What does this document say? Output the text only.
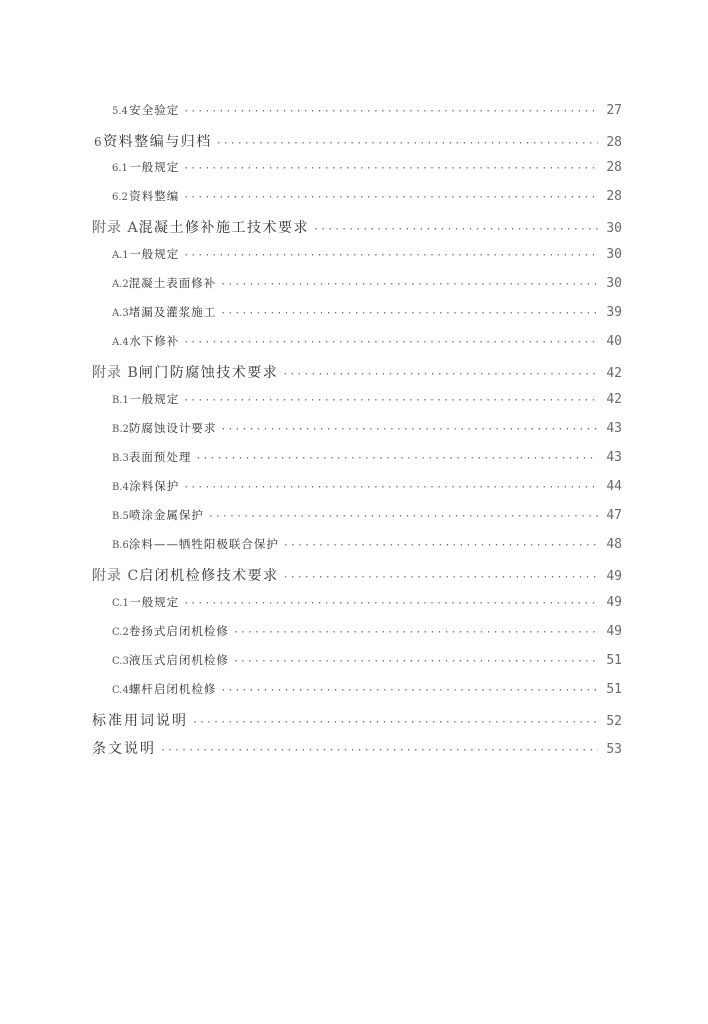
5.4 安全验定 ·····	27
6 资料整编与归档 ·····	28
6.1 一般规定 ·····	28
6.2 资料整编 ·····	28
附录 A 混凝土修补施工技术要求 ·····	30
A.1 一般规定 ·····	30
A.2 混凝土表面修补 ·····	30
A.3 堵漏及灌浆施工 ·····	39
A.4 水下修补 ·····	40
附录 B 闸门防腐蚀技术要求 ·····	42
B.1 一般规定 ·····	42
B.2 防腐蚀设计要求 ·····	43
B.3 表面预处理 ·····	43
B.4 涂料保护 ·····	44
B.5 喷涂金属保护 ·····	47
B.6 涂料——牺牲阳极联合保护 ·····	48
附录 C 启闭机检修技术要求 ·····	49
C.1 一般规定 ·····	49
C.2 卷扬式启闭机检修 ·····	49
C.3 液压式启闭机检修 ·····	51
C.4 螺杆启闭机检修 ·····	51
标准用词说明 ·····	52
条文说明 ·····	53
